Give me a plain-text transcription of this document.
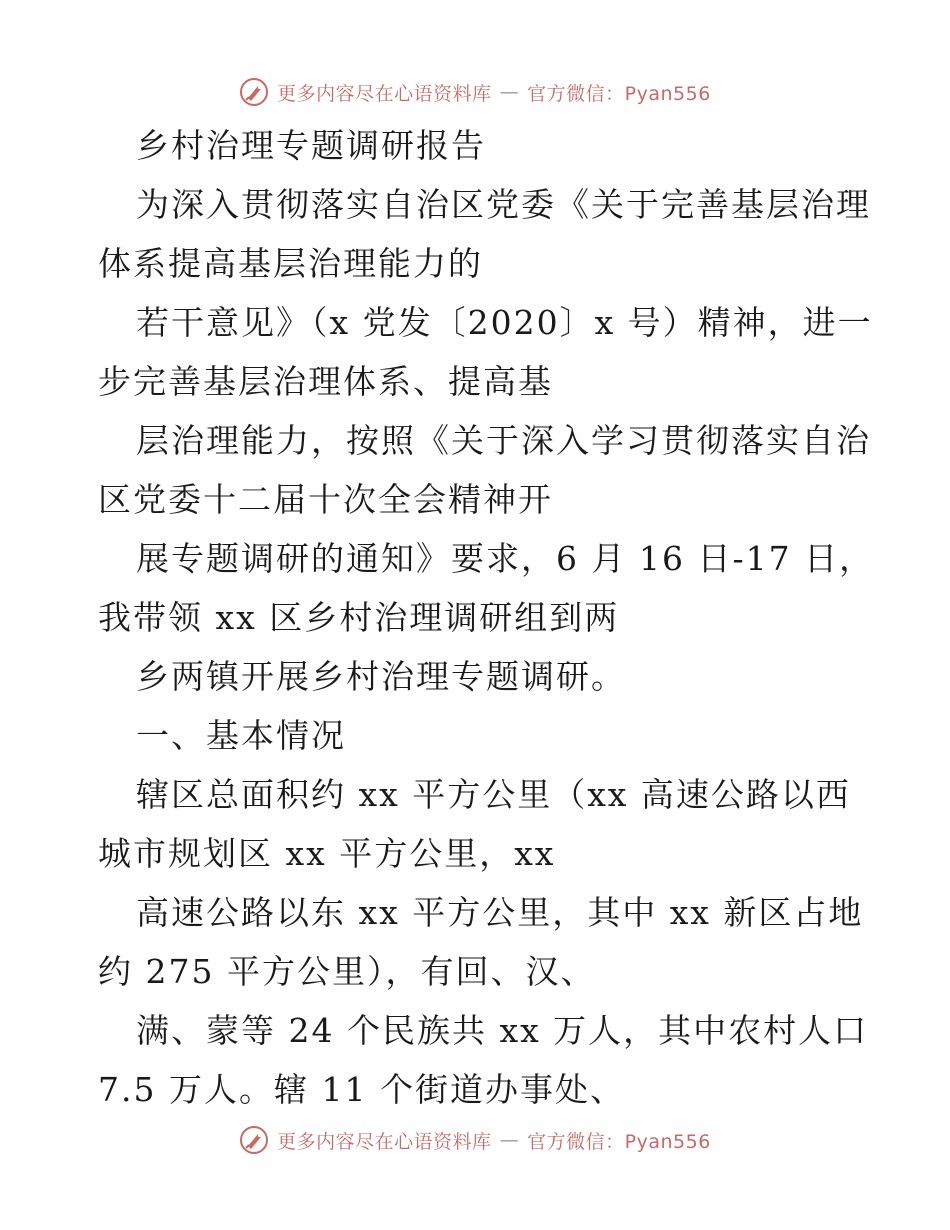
更多内容尽在心语资料库 — 官方微信：Pyan556
乡村治理专题调研报告
为深入贯彻落实自治区党委《关于完善基层治理
体系提高基层治理能力的
若干意见》（x 党发〔2020〕x 号）精神，进一
步完善基层治理体系、提高基
层治理能力，按照《关于深入学习贯彻落实自治
区党委十二届十次全会精神开
展专题调研的通知》要求，6 月 16 日-17 日，
我带领 xx 区乡村治理调研组到两
乡两镇开展乡村治理专题调研。
一、基本情况
辖区总面积约 xx 平方公里（xx 高速公路以西
城市规划区 xx 平方公里，xx
高速公路以东 xx 平方公里，其中 xx 新区占地
约 275 平方公里），有回、汉、
满、蒙等 24 个民族共 xx 万人，其中农村人口
7.5 万人。辖 11 个街道办事处、
更多内容尽在心语资料库 — 官方微信：Pyan556
